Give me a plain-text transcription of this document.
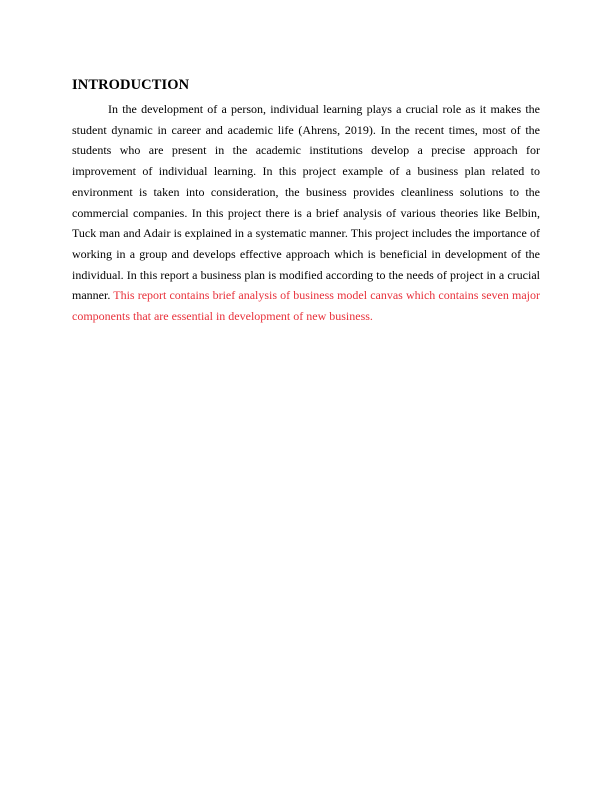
INTRODUCTION

In the development of a person, individual learning plays a crucial role as it makes the student dynamic in career and academic life (Ahrens, 2019). In the recent times, most of the students who are present in the academic institutions develop a precise approach for improvement of individual learning. In this project example of a business plan related to environment is taken into consideration, the business provides cleanliness solutions to the commercial companies. In this project there is a brief analysis of various theories like Belbin, Tuck man and Adair is explained in a systematic manner. This project includes the importance of working in a group and develops effective approach which is beneficial in development of the individual. In this report a business plan is modified according to the needs of project in a crucial manner. This report contains brief analysis of business model canvas which contains seven major components that are essential in development of new business.
